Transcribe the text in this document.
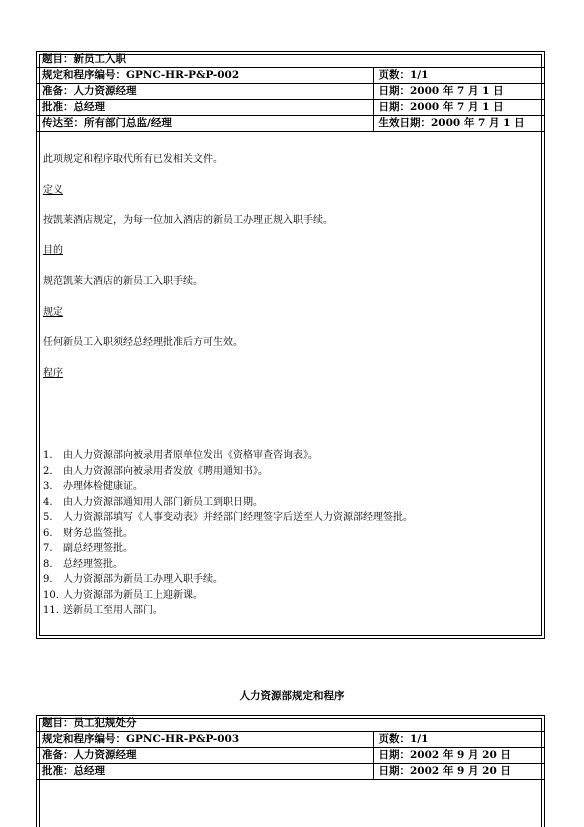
题目：新员工入职	
规定和程序编号：GPNC-HR-P&P-002	页数：1/1
准备：人力资源经理	日期：2000 年 7 月 1 日
批准：总经理	日期：2000 年 7 月 1 日
传达至：所有部门总监/经理	生效日期：2000 年 7 月 1 日
此项规定和程序取代所有已发相关文件。
定义
按凯莱酒店规定，为每一位加入酒店的新员工办理正规入职手续。
目的
规范凯莱大酒店的新员工入职手续。
规定
任何新员工入职须经总经理批准后方可生效。
程序
1. 由人力资源部向被录用者原单位发出《资格审查咨询表》。
2. 由人力资源部向被录用者发放《聘用通知书》。
3. 办理体检健康证。
4. 由人力资源部通知用人部门新员工到职日期。
5. 人力资源部填写《人事变动表》并经部门经理签字后送至人力资源部经理签批。
6. 财务总监签批。
7. 副总经理签批。
8. 总经理签批。
9. 人力资源部为新员工办理入职手续。
10. 人力资源部为新员工上迎新课。
11. 送新员工至用人部门。
人力资源部规定和程序
题目：员工犯规处分	
规定和程序编号：GPNC-HR-P&P-003	页数：1/1
准备：人力资源经理	日期：2002 年 9 月 20 日
批准：总经理	日期：2002 年 9 月 20 日
